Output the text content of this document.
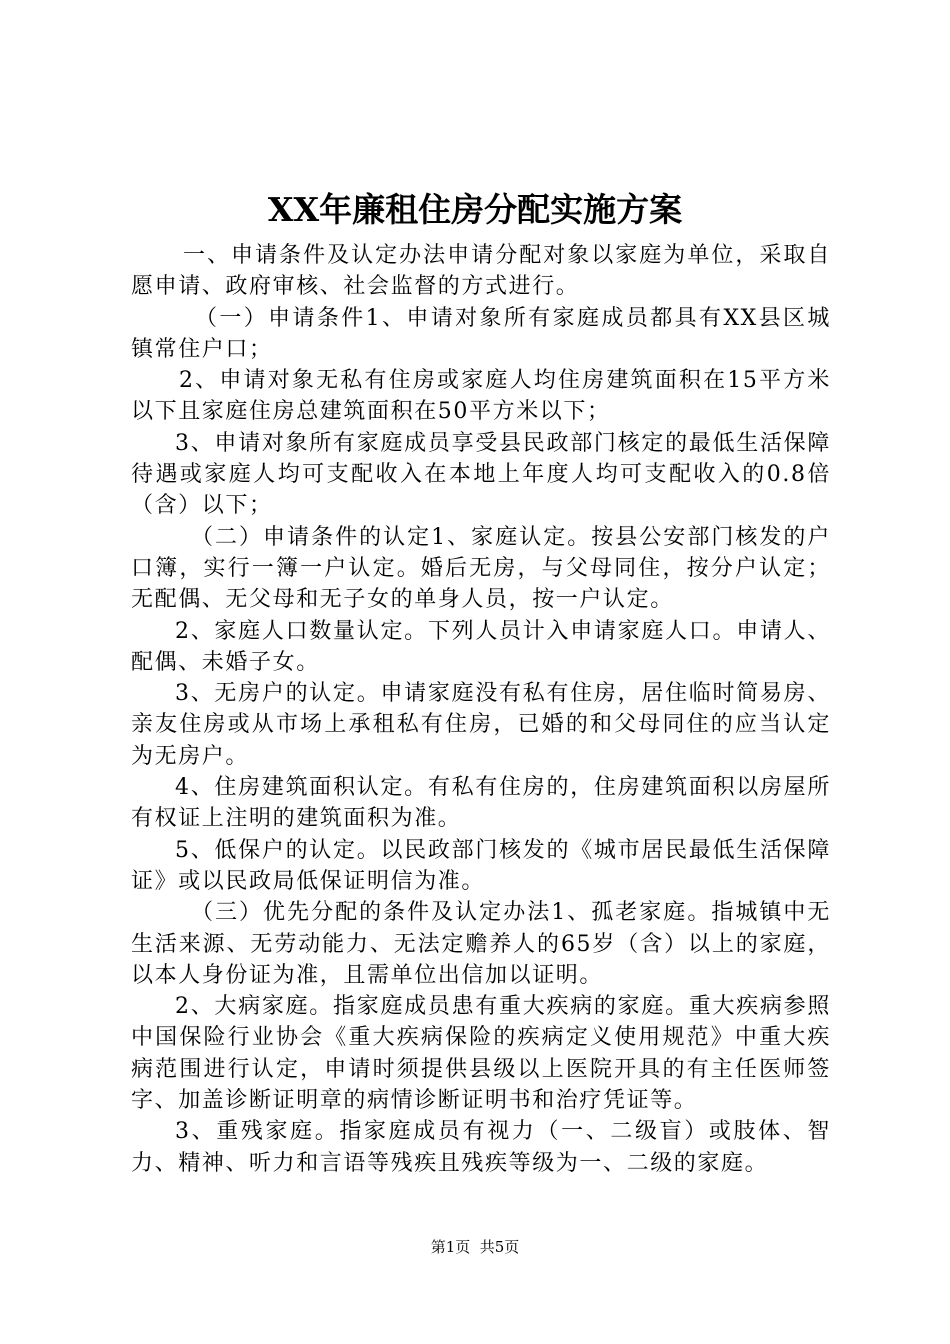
XX年廉租住房分配实施方案

一、申请条件及认定办法申请分配对象以家庭为单位，采取自愿申请、政府审核、社会监督的方式进行。

（一）申请条件1、申请对象所有家庭成员都具有XX县区城镇常住户口；

2、申请对象无私有住房或家庭人均住房建筑面积在15平方米以下且家庭住房总建筑面积在50平方米以下；

3、申请对象所有家庭成员享受县民政部门核定的最低生活保障待遇或家庭人均可支配收入在本地上年度人均可支配收入的0.8倍（含）以下；

（二）申请条件的认定1、家庭认定。按县公安部门核发的户口簿，实行一簿一户认定。婚后无房，与父母同住，按分户认定；无配偶、无父母和无子女的单身人员，按一户认定。

2、家庭人口数量认定。下列人员计入申请家庭人口。申请人、配偶、未婚子女。

3、无房户的认定。申请家庭没有私有住房，居住临时简易房、亲友住房或从市场上承租私有住房，已婚的和父母同住的应当认定为无房户。

4、住房建筑面积认定。有私有住房的，住房建筑面积以房屋所有权证上注明的建筑面积为准。

5、低保户的认定。以民政部门核发的《城市居民最低生活保障证》或以民政局低保证明信为准。

（三）优先分配的条件及认定办法1、孤老家庭。指城镇中无生活来源、无劳动能力、无法定赡养人的65岁（含）以上的家庭，以本人身份证为准，且需单位出信加以证明。

2、大病家庭。指家庭成员患有重大疾病的家庭。重大疾病参照中国保险行业协会《重大疾病保险的疾病定义使用规范》中重大疾病范围进行认定，申请时须提供县级以上医院开具的有主任医师签字、加盖诊断证明章的病情诊断证明书和治疗凭证等。

3、重残家庭。指家庭成员有视力（一、二级盲）或肢体、智力、精神、听力和言语等残疾且残疾等级为一、二级的家庭。

第1页  共5页
